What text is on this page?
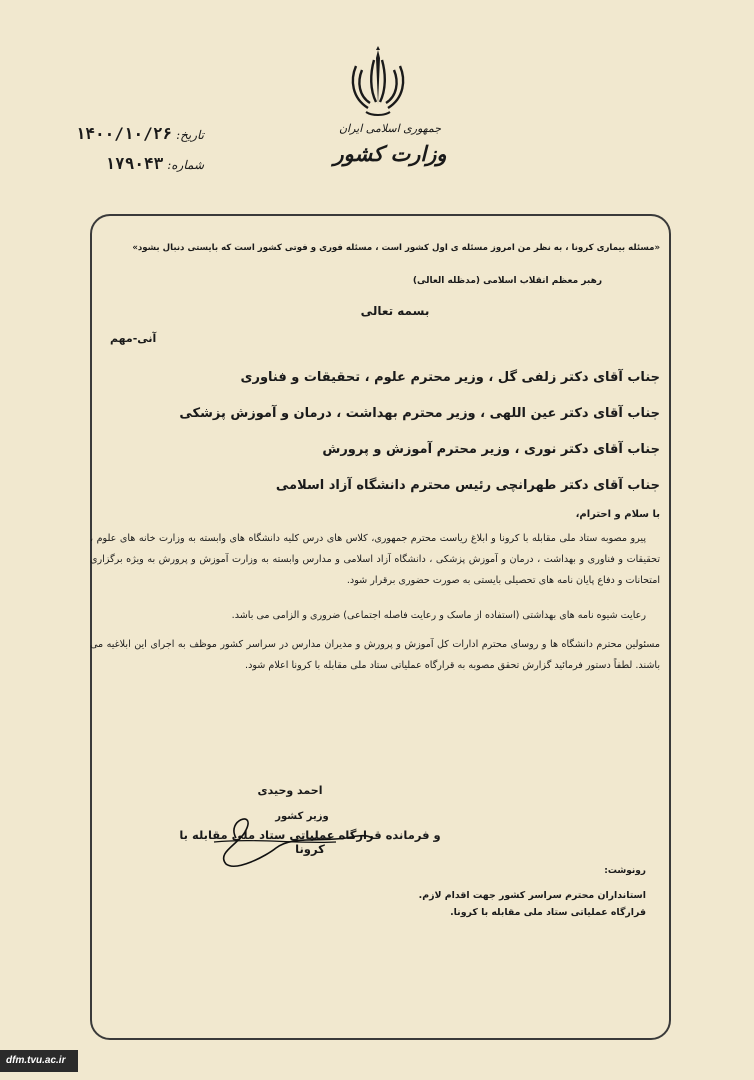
جمهوری اسلامی ایران
وزارت کشور
تاریخ:
۱۴۰۰/۱۰/۲۶
شماره:
۱۷۹۰۴۳
«مسئله بیماری کرونا ، به نظر من امروز مسئله ی اول کشور است ، مسئله فوری و فوتی کشور است که بایستی دنبال بشود»
رهبر معظم انقلاب اسلامی (مدظله العالی)
بسمه تعالی
آنی-مهم
جناب آقای دکتر زلفی گل ، وزیر محترم علوم ، تحقیقات و فناوری
جناب آقای دکتر عین اللهی ، وزیر محترم بهداشت ، درمان و آموزش پزشکی
جناب آقای دکتر نوری ، وزیر محترم آموزش و پرورش
جناب آقای دکتر طهرانچی رئیس محترم دانشگاه آزاد اسلامی
با سلام و احترام،
پیرو مصوبه ستاد ملی مقابله با کرونا و ابلاغ ریاست محترم جمهوری، کلاس های درس کلیه دانشگاه های وابسته به وزارت خانه های علوم ، تحقیقات و فناوری و بهداشت ، درمان و آموزش پزشکی ، دانشگاه آزاد اسلامی و مدارس وابسته به وزارت آموزش و پرورش به ویژه برگزاری امتحانات و دفاع پایان نامه های تحصیلی بایستی به صورت حضوری برقرار شود.
رعایت شیوه نامه های بهداشتی (استفاده از ماسک و رعایت فاصله اجتماعی) ضروری و الزامی می باشد.
مسئولین محترم دانشگاه ها و روسای محترم ادارات کل آموزش و پرورش و مدیران مدارس در سراسر کشور موظف به اجرای این ابلاغیه می باشند. لطفاً دستور فرمائید گزارش تحقق مصوبه به قرارگاه عملیاتی ستاد ملی مقابله با کرونا اعلام شود.
احمد وحیدی
وزیر کشور
و فرمانده قرارگاه عملیاتی ستاد ملی مقابله با کرونا
رونوشت:
استانداران محترم سراسر کشور جهت اقدام لازم.
قرارگاه عملیاتی ستاد ملی مقابله با کرونا.
dfm.tvu.ac.ir
